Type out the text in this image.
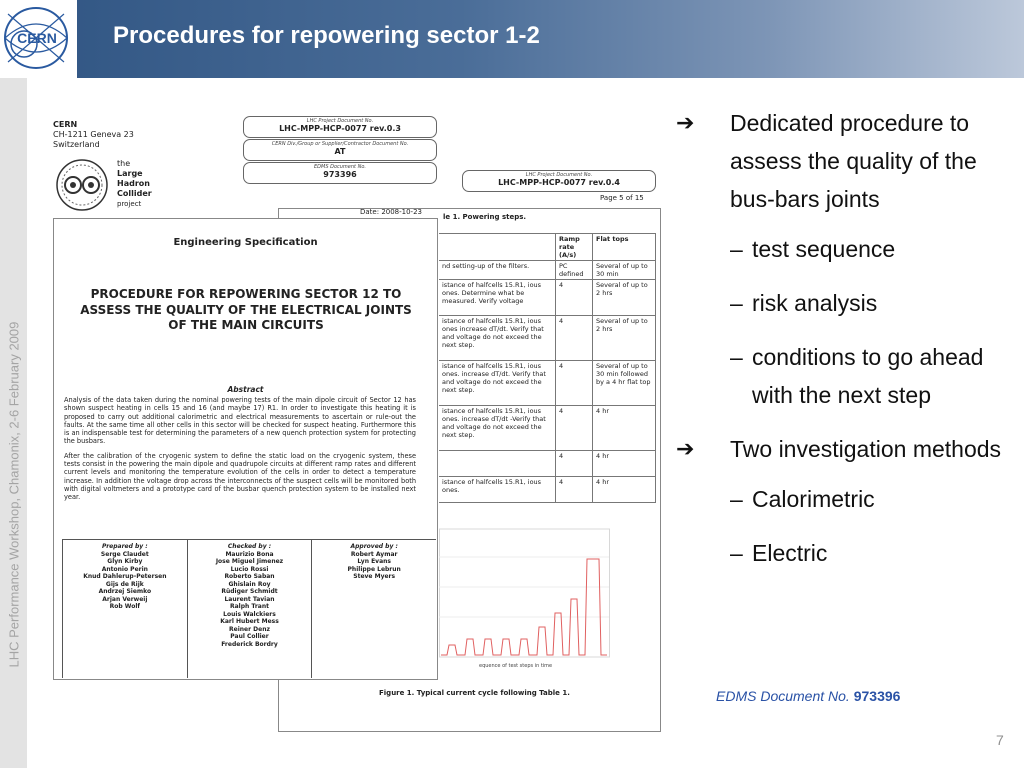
CERN Procedures for repowering sector 1-2
LHC Performance Workshop, Chamonix, 2-6 February 2009
LHC Project Document No.
LHC-MPP-HCP-0077 rev.0.4
Page 5 of 15
le 1. Powering steps.
	Ramp rate (A/s)	Flat tops
nd setting-up of the filters.	PC defined	Several of up to 30 min
istance of halfcells 15.R1, ious ones. Determine what be measured. Verify voltage	4	Several of up to 2 hrs
istance of halfcells 15.R1, ious ones increase dT/dt. Verify that and voltage do not exceed the next step.	4	Several of up to 2 hrs
istance of halfcells 15.R1, ious ones. increase dT/dt. Verify that and voltage do not exceed the next step.	4	Several of up to 30 min followed by a 4 hr flat top
istance of halfcells 15.R1, ious ones. increase dT/dt -Verify that and voltage do not exceed the next step.	4	4 hr
	4	4 hr
istance of halfcells 15.R1, ious ones.	4	4 hr
equence of test steps in time
Figure 1. Typical current cycle following Table 1.
CERN
CH-1211 Geneva 23
Switzerland
the
Large
Hadron
Collider
project
LHC Project Document No.
LHC-MPP-HCP-0077 rev.0.3
CERN Div./Group or Supplier/Contractor Document No.
AT
EDMS Document No.
973396
Date: 2008-10-23
Engineering Specification
PROCEDURE FOR REPOWERING SECTOR 12 TO ASSESS THE QUALITY OF THE ELECTRICAL JOINTS OF THE MAIN CIRCUITS
Abstract
Analysis of the data taken during the nominal powering tests of the main dipole circuit of Sector 12 has shown suspect heating in cells 15 and 16 (and maybe 17) R1. In order to investigate this heating it is proposed to carry out additional calorimetric and electrical measurements to ascertain or rule-out the faults. At the same time all other cells in this sector will be checked for suspect heating. Furthermore this is an indispensable test for determining the parameters of a new quench protection system for protecting the busbars.
After the calibration of the cryogenic system to define the static load on the cryogenic system, these tests consist in the powering the main dipole and quadrupole circuits at different ramp rates and different current levels and monitoring the temperature evolution of the cells in order to detect a temperature increase. In addition the voltage drop across the interconnects of the suspect cells will be monitored both with digital voltmeters and a prototype card of the busbar quench protection system to be installed next year.
Prepared by :
Serge Claudet
Glyn Kirby
Antonio Perin
Knud Dahlerup-Petersen
Gijs de Rijk
Andrzej Siemko
Arjan Verweij
Rob Wolf
Checked by :
Maurizio Bona
Jose Miguel Jimenez
Lucio Rossi
Roberto Saban
Ghislain Roy
Rüdiger Schmidt
Laurent Tavian
Ralph Trant
Louis Walckiers
Karl Hubert Mess
Reiner Denz
Paul Collier
Frederick Bordry
Approved by :
Robert Aymar
Lyn Evans
Philippe Lebrun
Steve Myers
➔ Dedicated procedure to assess the quality of the bus-bars joints
– test sequence
– risk analysis
– conditions to go ahead with the next step
➔ Two investigation methods
– Calorimetric
– Electric
EDMS Document No. 973396
7
